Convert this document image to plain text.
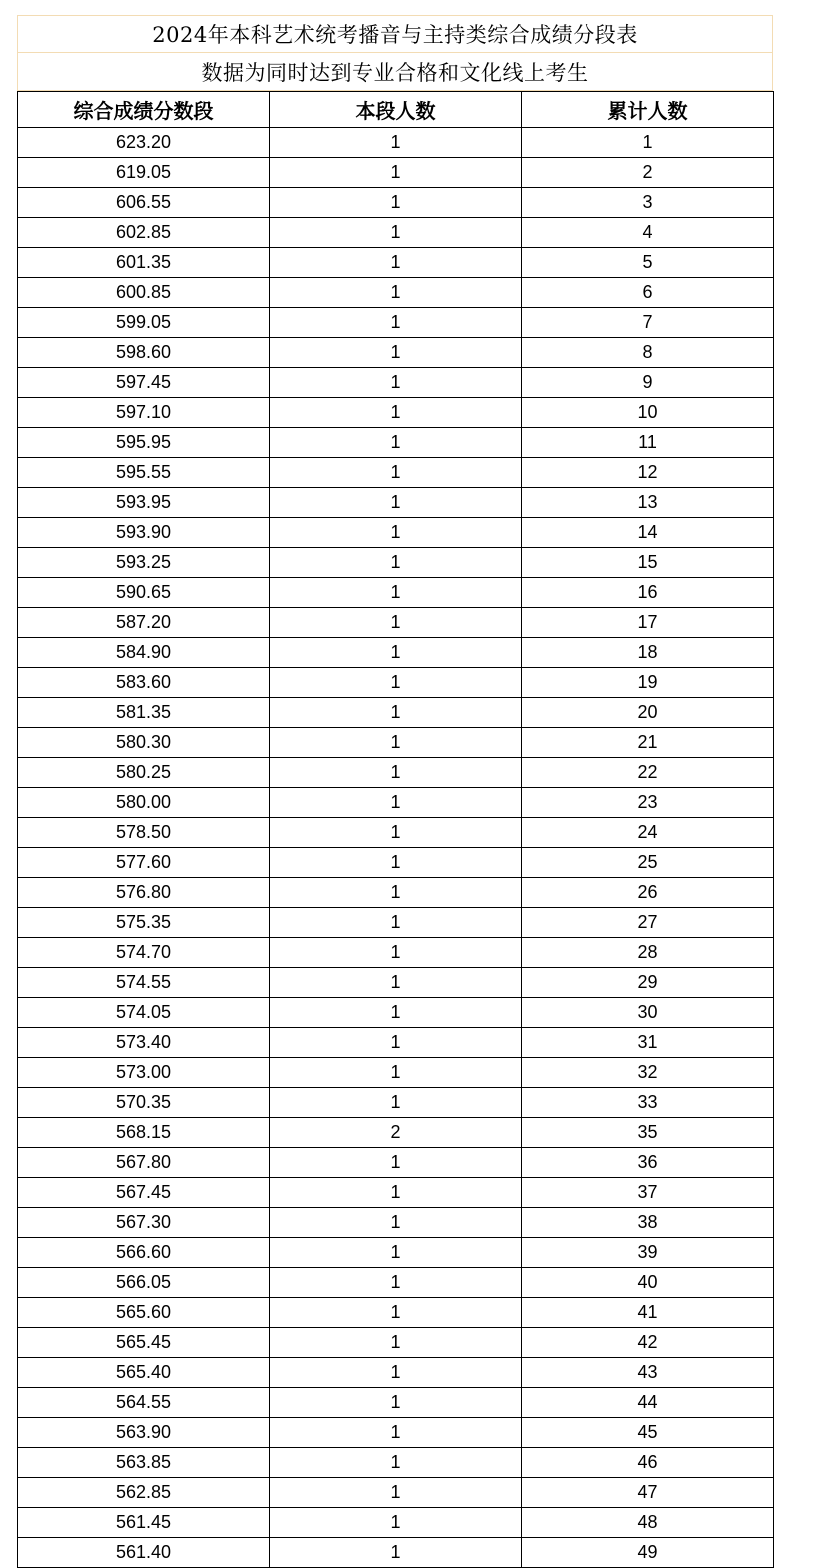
2024年本科艺术统考播音与主持类综合成绩分段表
数据为同时达到专业合格和文化线上考生
综合成绩分数段	本段人数	累计人数
623.20	1	1
619.05	1	2
606.55	1	3
602.85	1	4
601.35	1	5
600.85	1	6
599.05	1	7
598.60	1	8
597.45	1	9
597.10	1	10
595.95	1	11
595.55	1	12
593.95	1	13
593.90	1	14
593.25	1	15
590.65	1	16
587.20	1	17
584.90	1	18
583.60	1	19
581.35	1	20
580.30	1	21
580.25	1	22
580.00	1	23
578.50	1	24
577.60	1	25
576.80	1	26
575.35	1	27
574.70	1	28
574.55	1	29
574.05	1	30
573.40	1	31
573.00	1	32
570.35	1	33
568.15	2	35
567.80	1	36
567.45	1	37
567.30	1	38
566.60	1	39
566.05	1	40
565.60	1	41
565.45	1	42
565.40	1	43
564.55	1	44
563.90	1	45
563.85	1	46
562.85	1	47
561.45	1	48
561.40	1	49
